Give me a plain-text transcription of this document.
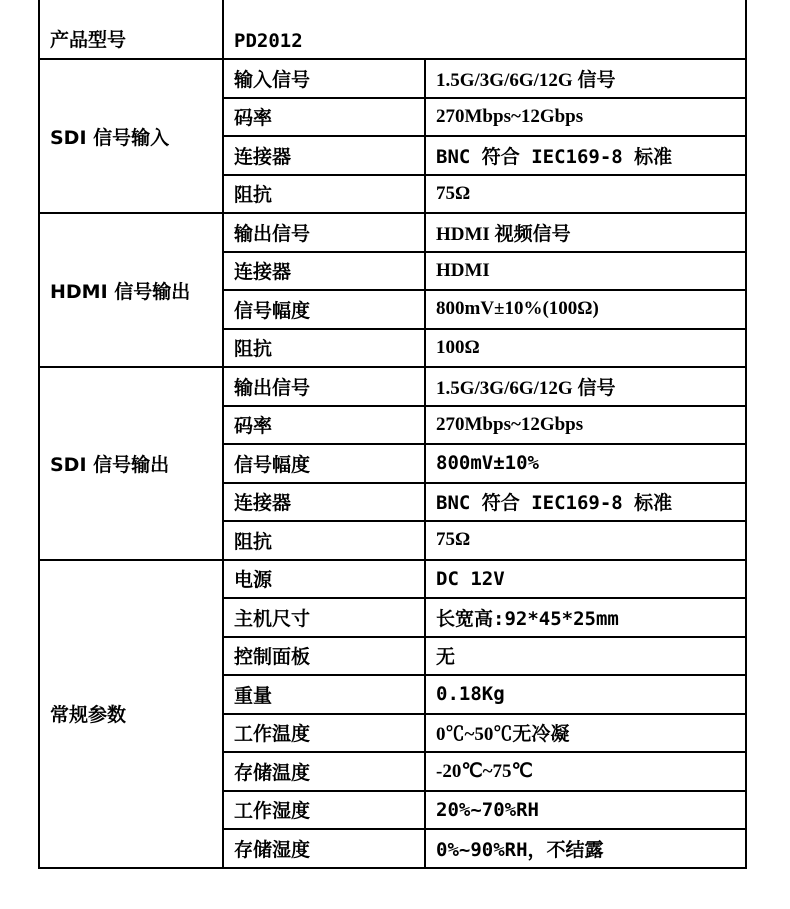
产品型号	PD2012	
SDI 信号输入	输入信号	1.5G/3G/6G/12G 信号
	码率	270Mbps~12Gbps
	连接器	BNC 符合 IEC169-8 标准
	阻抗	75Ω
HDMI 信号输出	输出信号	HDMI 视频信号
	连接器	HDMI
	信号幅度	800mV±10%(100Ω)
	阻抗	100Ω
SDI 信号输出	输出信号	1.5G/3G/6G/12G 信号
	码率	270Mbps~12Gbps
	信号幅度	800mV±10%
	连接器	BNC 符合 IEC169-8 标准
	阻抗	75Ω
常规参数	电源	DC 12V
	主机尺寸	长宽高:92*45*25mm
	控制面板	无
	重量	0.18Kg
	工作温度	0℃~50℃无冷凝
	存储温度	-20℃~75℃
	工作湿度	20%~70%RH
	存储湿度	0%~90%RH，不结露
